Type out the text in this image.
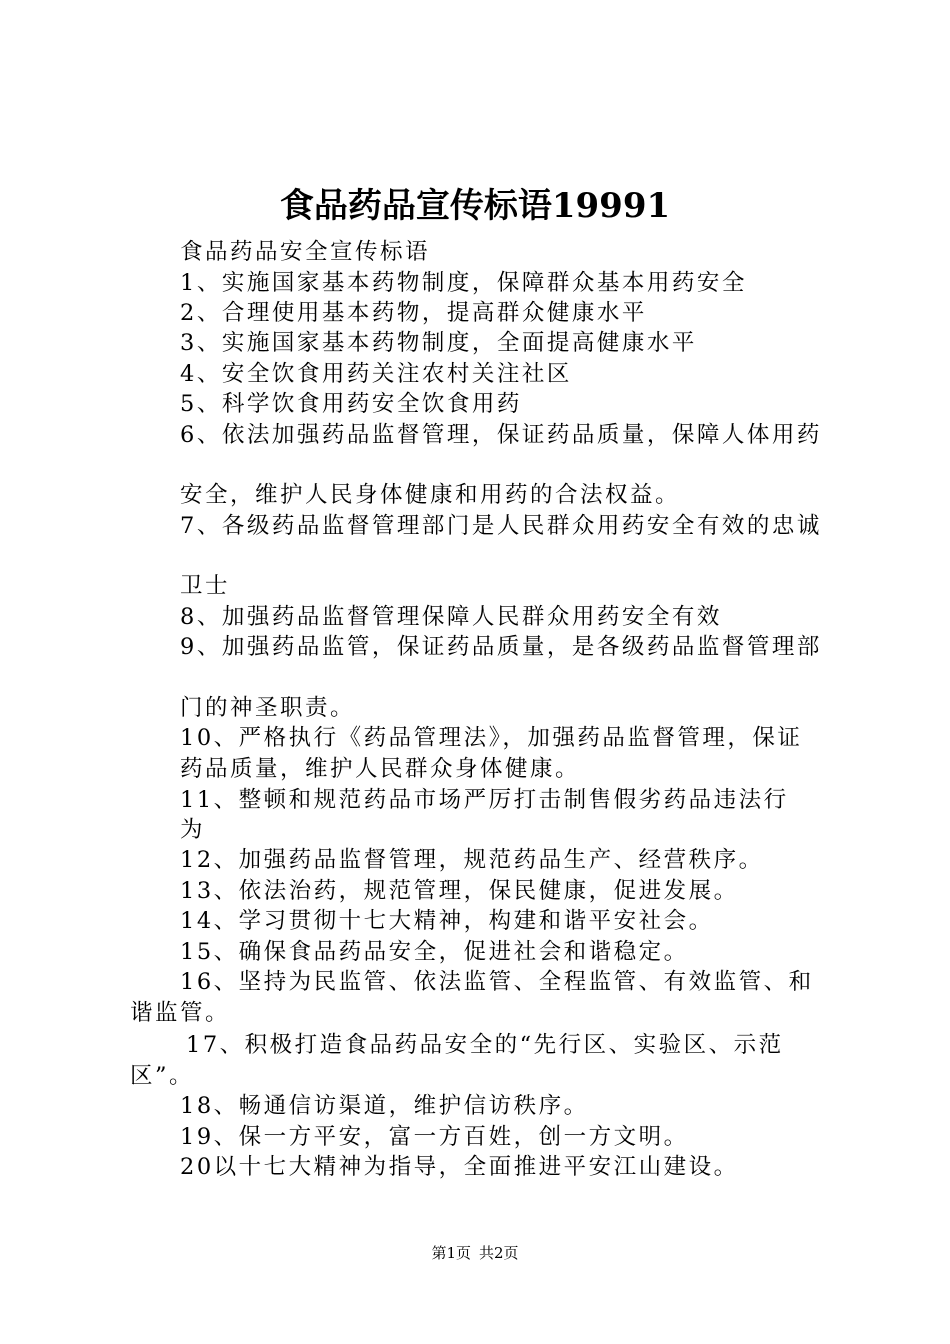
食品药品宣传标语19991

食品药品安全宣传标语

1、实施国家基本药物制度，保障群众基本用药安全

2、合理使用基本药物，提高群众健康水平

3、实施国家基本药物制度，全面提高健康水平

4、安全饮食用药关注农村关注社区

5、科学饮食用药安全饮食用药

6、依法加强药品监督管理，保证药品质量，保障人体用药

安全，维护人民身体健康和用药的合法权益。

7、各级药品监督管理部门是人民群众用药安全有效的忠诚

卫士

8、加强药品监督管理保障人民群众用药安全有效

9、加强药品监管，保证药品质量，是各级药品监督管理部

门的神圣职责。

10、严格执行《药品管理法》，加强药品监督管理，保证

药品质量，维护人民群众身体健康。

11、整顿和规范药品市场严厉打击制售假劣药品违法行

为

12、加强药品监督管理，规范药品生产、经营秩序。

13、依法治药，规范管理，保民健康，促进发展。

14、学习贯彻十七大精神，构建和谐平安社会。

15、确保食品药品安全，促进社会和谐稳定。

16、坚持为民监管、依法监管、全程监管、有效监管、和

谐监管。

17、积极打造食品药品安全的“先行区、实验区、示范

区”。

18、畅通信访渠道，维护信访秩序。

19、保一方平安，富一方百姓，创一方文明。

20以十七大精神为指导，全面推进平安江山建设。

第1页 共2页
